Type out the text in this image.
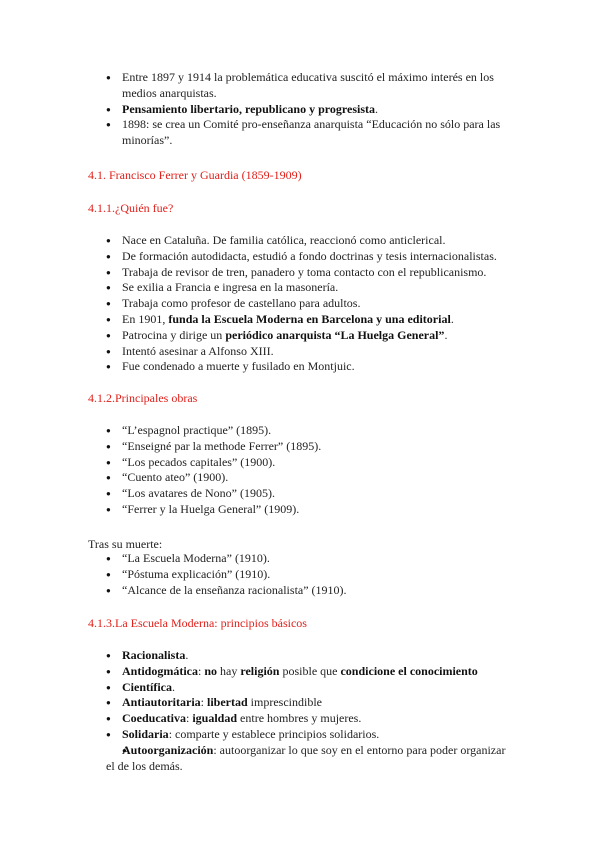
● Entre 1897 y 1914 la problemática educativa suscitó el máximo interés en los medios anarquistas.
● Pensamiento libertario, republicano y progresista.
● 1898: se crea un Comité pro-enseñanza anarquista “Educación no sólo para las minorías”.
4.1. Francisco Ferrer y Guardia (1859-1909)
4.1.1.¿Quién fue?
● Nace en Cataluña. De familia católica, reaccionó como anticlerical.
● De formación autodidacta, estudió a fondo doctrinas y tesis internacionalistas.
● Trabaja de revisor de tren, panadero y toma contacto con el republicanismo.
● Se exilia a Francia e ingresa en la masonería.
● Trabaja como profesor de castellano para adultos.
● En 1901, funda la Escuela Moderna en Barcelona y una editorial.
● Patrocina y dirige un periódico anarquista “La Huelga General”.
● Intentó asesinar a Alfonso XIII.
● Fue condenado a muerte y fusilado en Montjuic.
4.1.2.Principales obras
● “L’espagnol practique” (1895).
● “Enseigné par la methode Ferrer” (1895).
● “Los pecados capitales” (1900).
● “Cuento ateo” (1900).
● “Los avatares de Nono” (1905).
● “Ferrer y la Huelga General” (1909).
Tras su muerte:
● “La Escuela Moderna” (1910).
● “Póstuma explicación” (1910).
● “Alcance de la enseñanza racionalista” (1910).
4.1.3.La Escuela Moderna: principios básicos
● Racionalista.
● Antidogmática: no hay religión posible que condicione el conocimiento
● Científica.
● Antiautoritaria: libertad imprescindible
● Coeducativa: igualdad entre hombres y mujeres.
● Solidaria: comparte y establece principios solidarios.
● Autoorganización: autoorganizar lo que soy en el entorno para poder organizar el de los demás.
